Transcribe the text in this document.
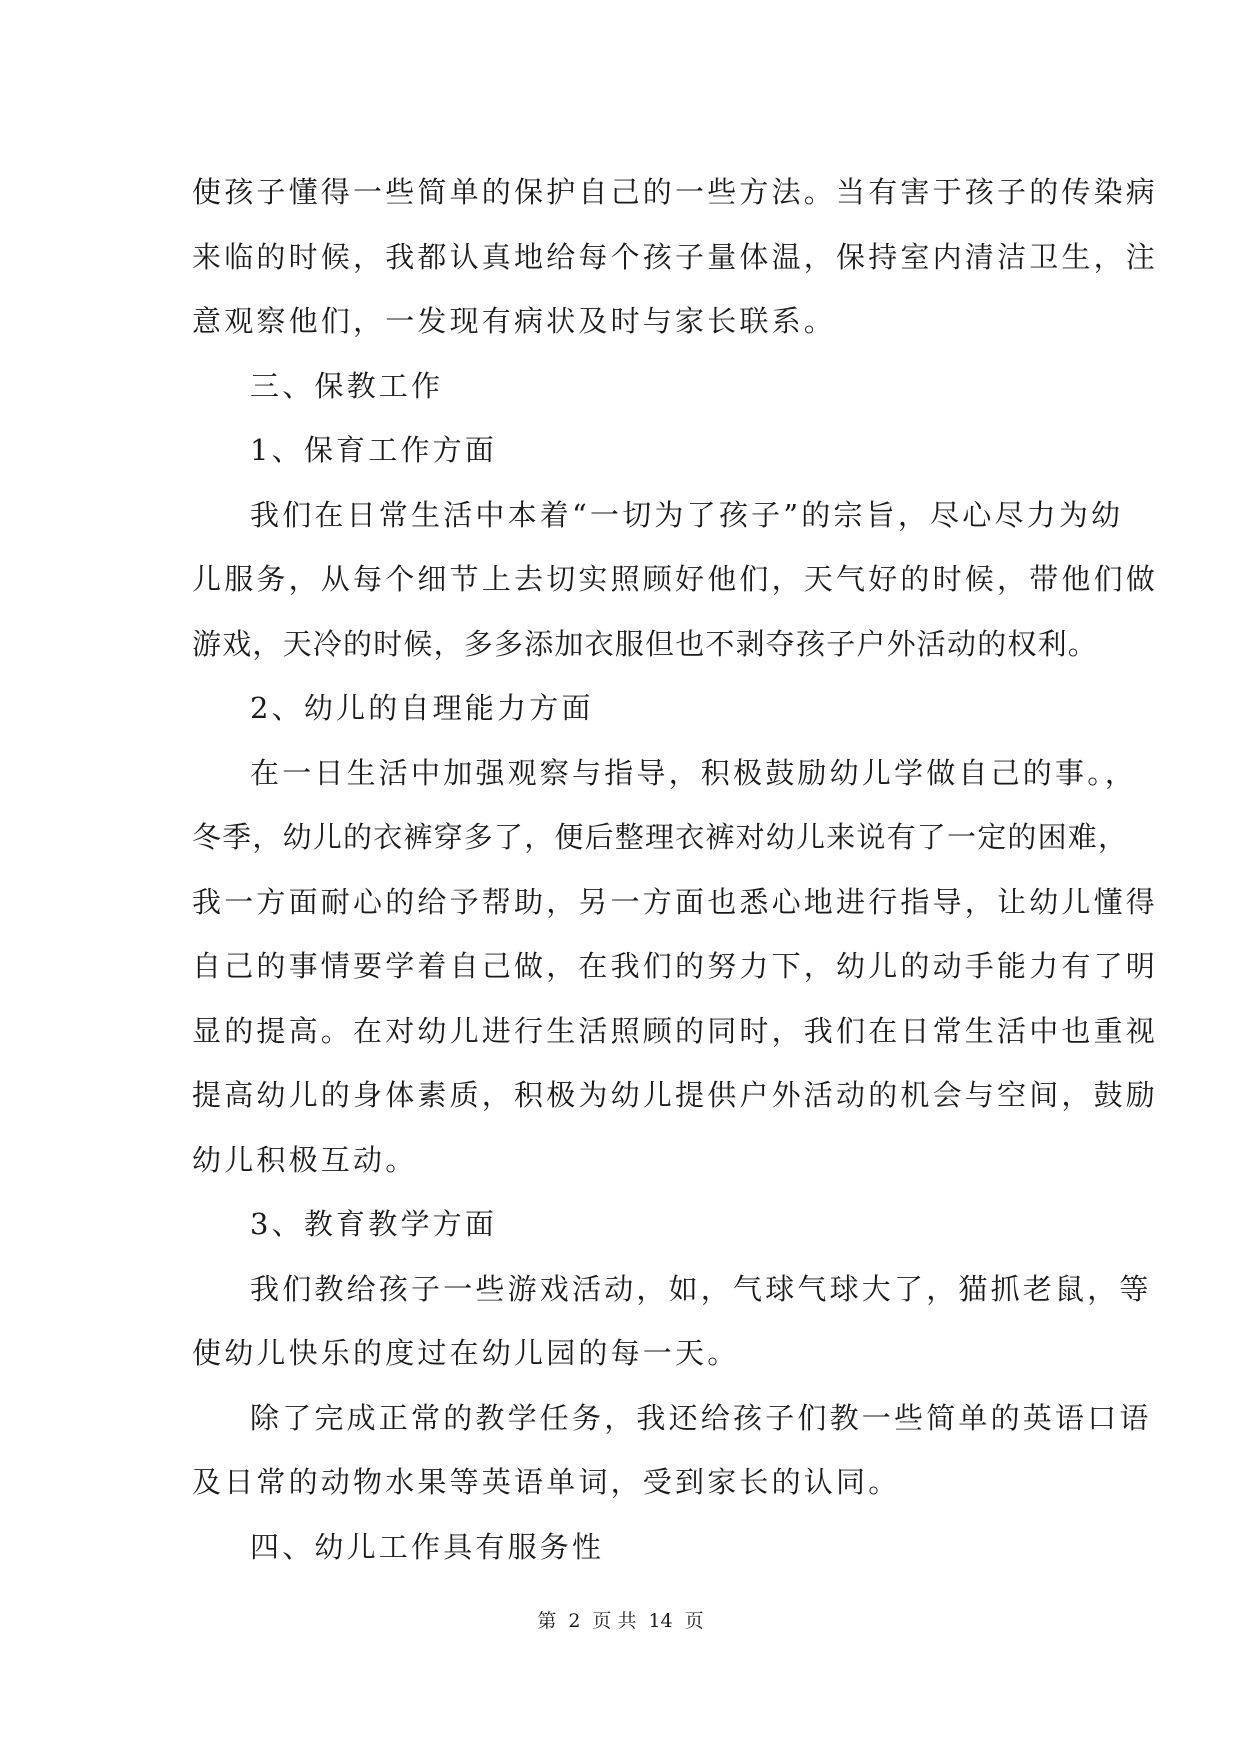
使孩子懂得一些简单的保护自己的一些方法。当有害于孩子的传染病

来临的时候，我都认真地给每个孩子量体温，保持室内清洁卫生，注

意观察他们，一发现有病状及时与家长联系。

三、保教工作

1、保育工作方面

我们在日常生活中本着“一切为了孩子”的宗旨，尽心尽力为幼

儿服务，从每个细节上去切实照顾好他们，天气好的时候，带他们做

游戏，天冷的时候，多多添加衣服但也不剥夺孩子户外活动的权利。

2、幼儿的自理能力方面

在一日生活中加强观察与指导，积极鼓励幼儿学做自己的事。，

冬季，幼儿的衣裤穿多了，便后整理衣裤对幼儿来说有了一定的困难，

我一方面耐心的给予帮助，另一方面也悉心地进行指导，让幼儿懂得

自己的事情要学着自己做，在我们的努力下，幼儿的动手能力有了明

显的提高。在对幼儿进行生活照顾的同时，我们在日常生活中也重视

提高幼儿的身体素质，积极为幼儿提供户外活动的机会与空间，鼓励

幼儿积极互动。

3、教育教学方面

我们教给孩子一些游戏活动，如，气球气球大了，猫抓老鼠，等

使幼儿快乐的度过在幼儿园的每一天。

除了完成正常的教学任务，我还给孩子们教一些简单的英语口语

及日常的动物水果等英语单词，受到家长的认同。

四、幼儿工作具有服务性

第 2 页 共 14 页
